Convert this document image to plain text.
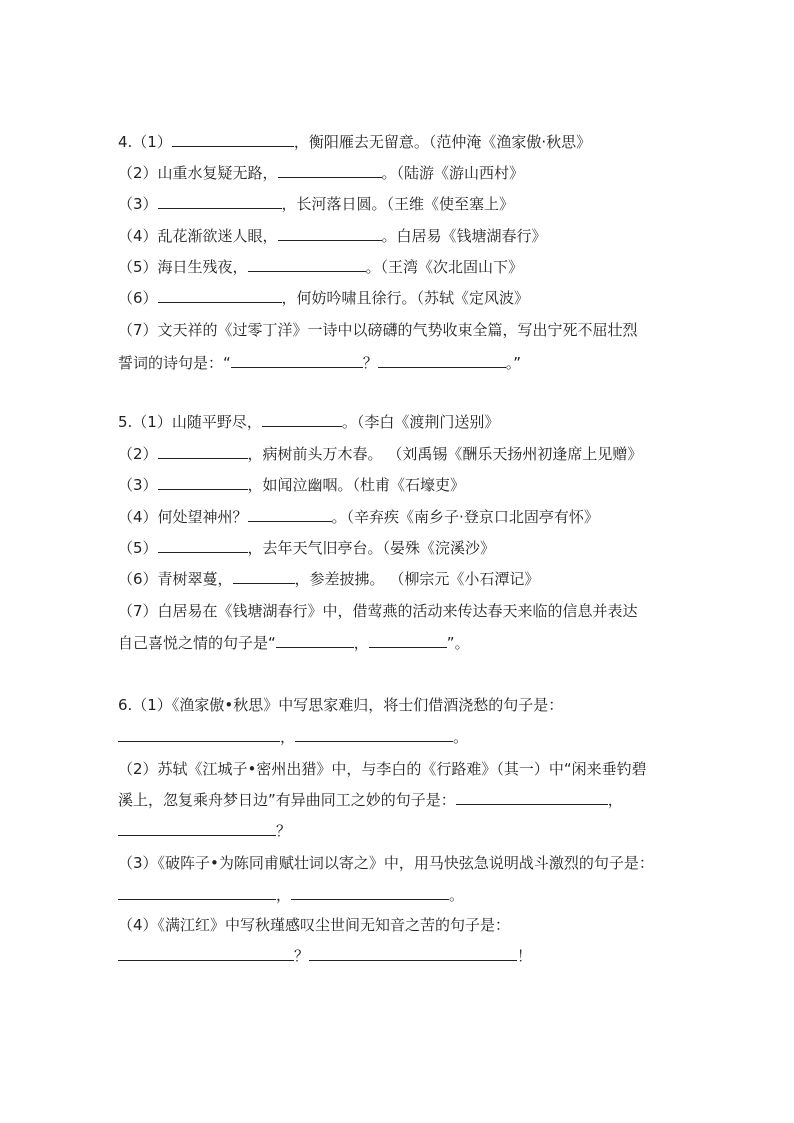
4.（1）	，衡阳雁去无留意。（范仲淹《渔家傲·秋思》
（2）山重水复疑无路，	。（陆游《游山西村》
（3）	，长河落日圆。（王维《使至塞上》
（4）乱花渐欲迷人眼，	。白居易《钱塘湖春行》
（5）海日生残夜，	。（王湾《次北固山下》
（6）	，何妨吟啸且徐行。（苏轼《定风波》
（7）文天祥的《过零丁洋》一诗中以磅礴的气势收束全篇，写出宁死不屈壮烈
誓词的诗句是：“	？	。”
5.（1）山随平野尽，	。（李白《渡荆门送别》
（2）	，病树前头万木春。 （刘禹锡《酬乐天扬州初逢席上见赠》
（3）	，如闻泣幽咽。（杜甫《石壕吏》
（4）何处望神州？	。（辛弃疾《南乡子·登京口北固亭有怀》
（5）	，去年天气旧亭台。（晏殊《浣溪沙》
（6）青树翠蔓，	，参差披拂。 （柳宗元《小石潭记》
（7）白居易在《钱塘湖春行》中，借莺燕的活动来传达春天来临的信息并表达
自己喜悦之情的句子是“	，	”。
6.（1）《渔家傲•秋思》中写思家难归，将士们借酒浇愁的句子是：
，	。
（2）苏轼《江城子•密州出猎》中，与李白的《行路难》（其一）中“闲来垂钓碧
溪上，忽复乘舟梦日边”有异曲同工之妙的句子是：	，
？
（3）《破阵子•为陈同甫赋壮词以寄之》中，用马快弦急说明战斗激烈的句子是：
，	。
（4）《满江红》中写秋瑾感叹尘世间无知音之苦的句子是：
？	！
